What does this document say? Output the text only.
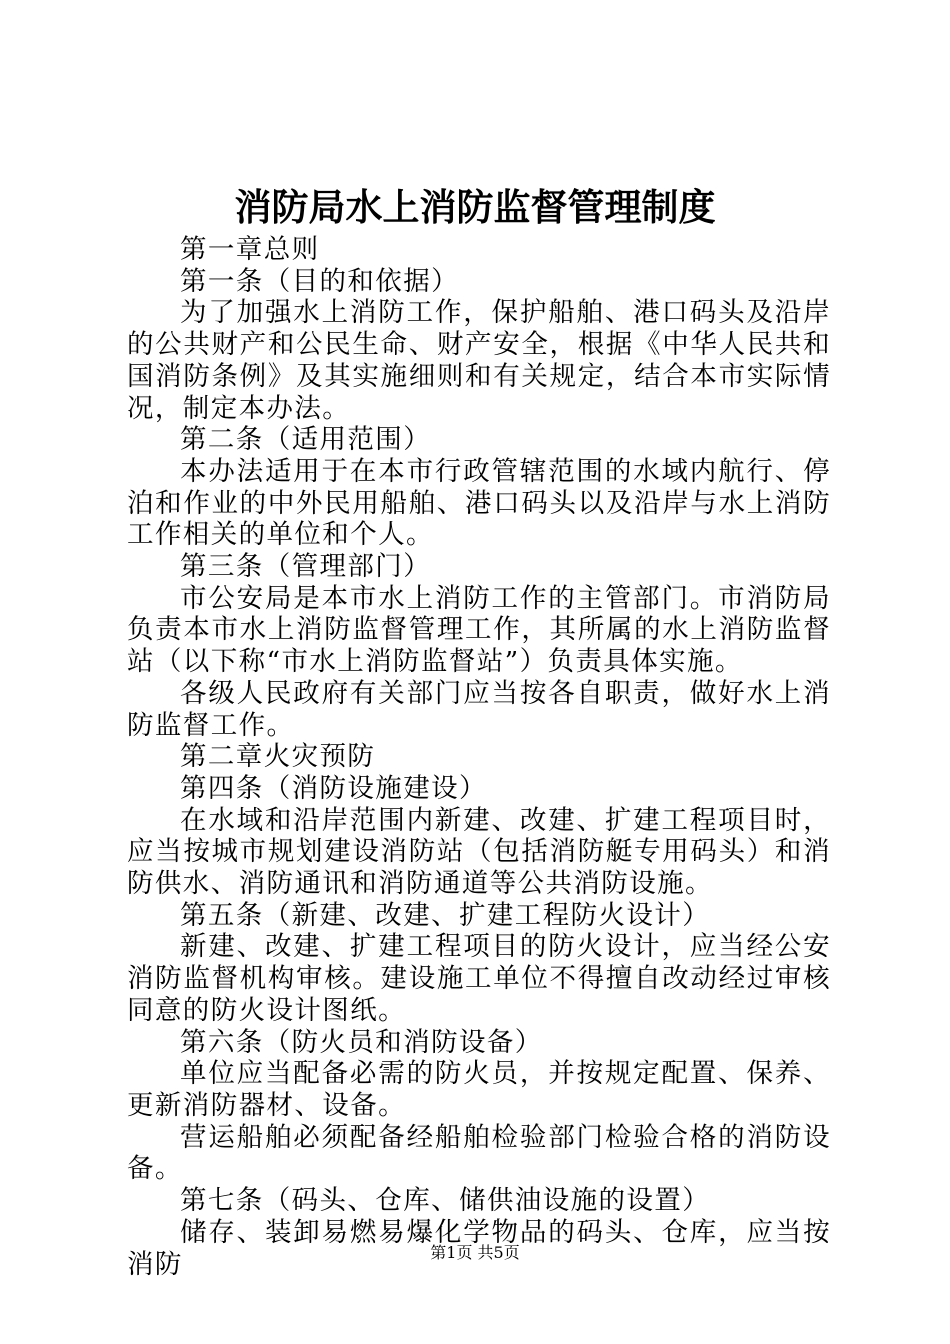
消防局水上消防监督管理制度

第一章总则

第一条（目的和依据）

为了加强水上消防工作，保护船舶、港口码头及沿岸的公共财产和公民生命、财产安全，根据《中华人民共和国消防条例》及其实施细则和有关规定，结合本市实际情况，制定本办法。

第二条（适用范围）

本办法适用于在本市行政管辖范围的水域内航行、停泊和作业的中外民用船舶、港口码头以及沿岸与水上消防工作相关的单位和个人。

第三条（管理部门）

市公安局是本市水上消防工作的主管部门。市消防局负责本市水上消防监督管理工作，其所属的水上消防监督站（以下称“市水上消防监督站”）负责具体实施。

各级人民政府有关部门应当按各自职责，做好水上消防监督工作。

第二章火灾预防

第四条（消防设施建设）

在水域和沿岸范围内新建、改建、扩建工程项目时，应当按城市规划建设消防站（包括消防艇专用码头）和消防供水、消防通讯和消防通道等公共消防设施。

第五条（新建、改建、扩建工程防火设计）

新建、改建、扩建工程项目的防火设计，应当经公安消防监督机构审核。建设施工单位不得擅自改动经过审核同意的防火设计图纸。

第六条（防火员和消防设备）

单位应当配备必需的防火员，并按规定配置、保养、更新消防器材、设备。

营运船舶必须配备经船舶检验部门检验合格的消防设备。

第七条（码头、仓库、储供油设施的设置）

储存、装卸易燃易爆化学物品的码头、仓库，应当按消防	第1页 共5页
